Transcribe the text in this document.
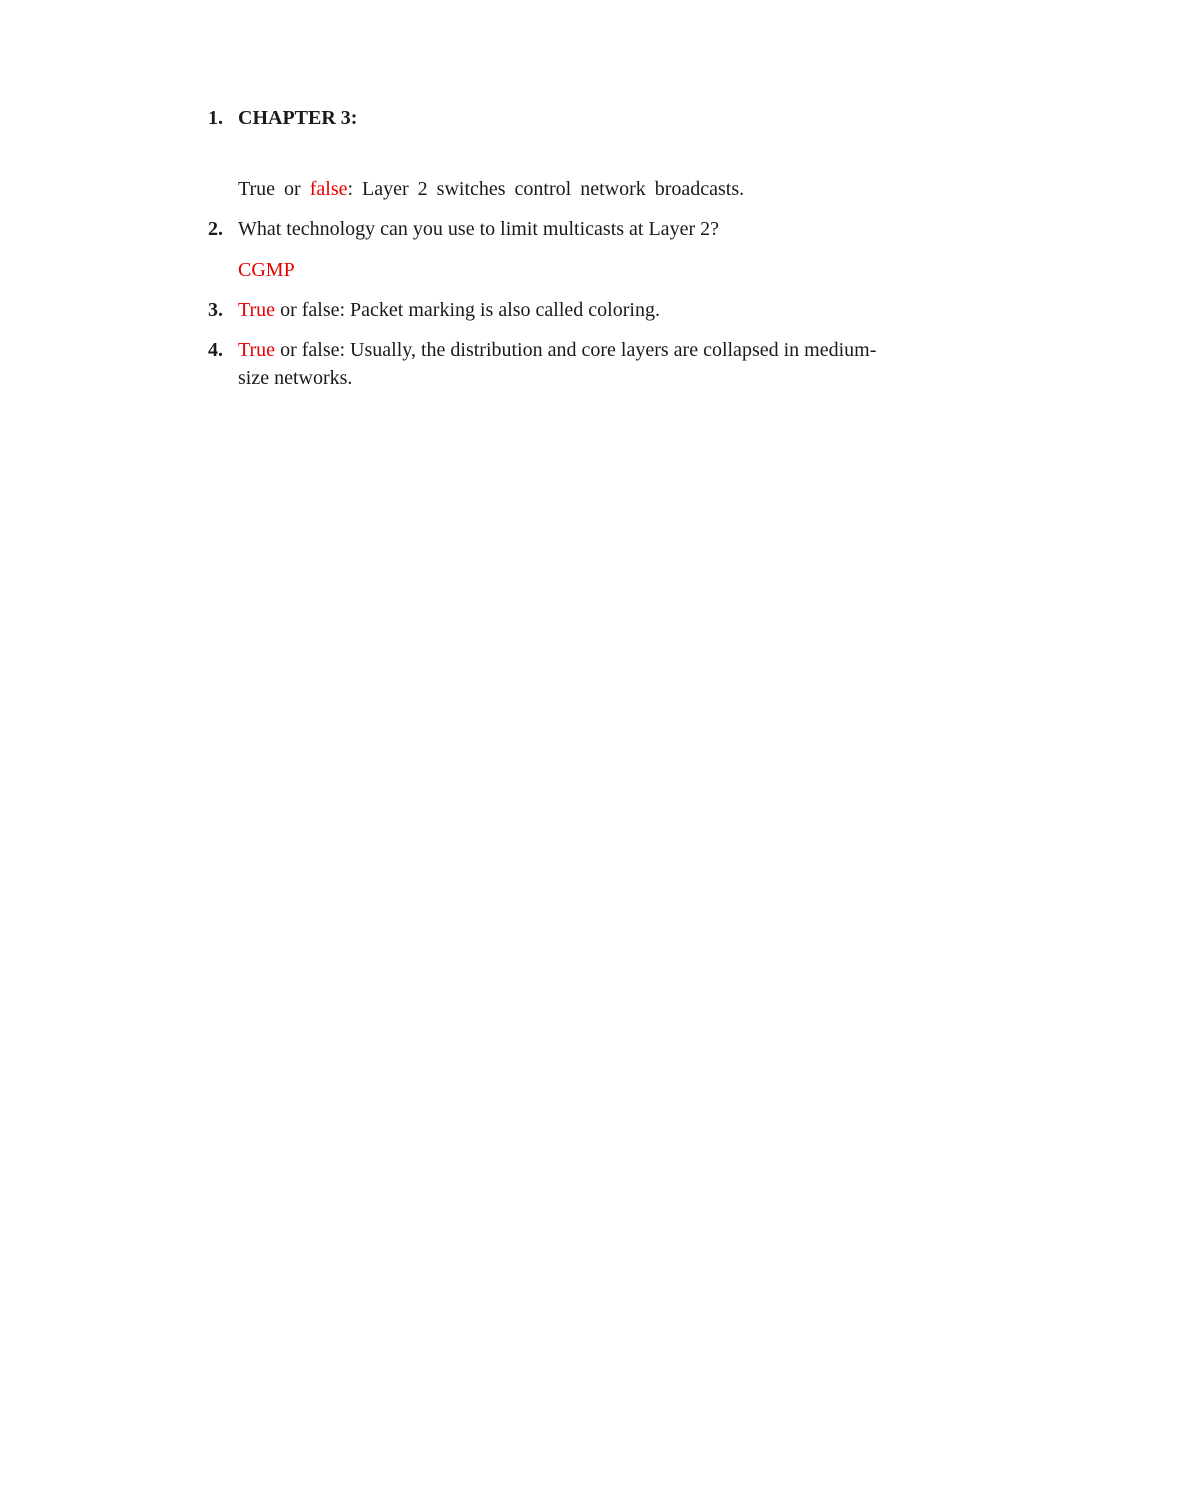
1. CHAPTER 3:
True or false: Layer 2 switches control network broadcasts.
2. What technology can you use to limit multicasts at Layer 2?
CGMP
3. True or false: Packet marking is also called coloring.
4. True or false: Usually, the distribution and core layers are collapsed in medium-
size networks.
